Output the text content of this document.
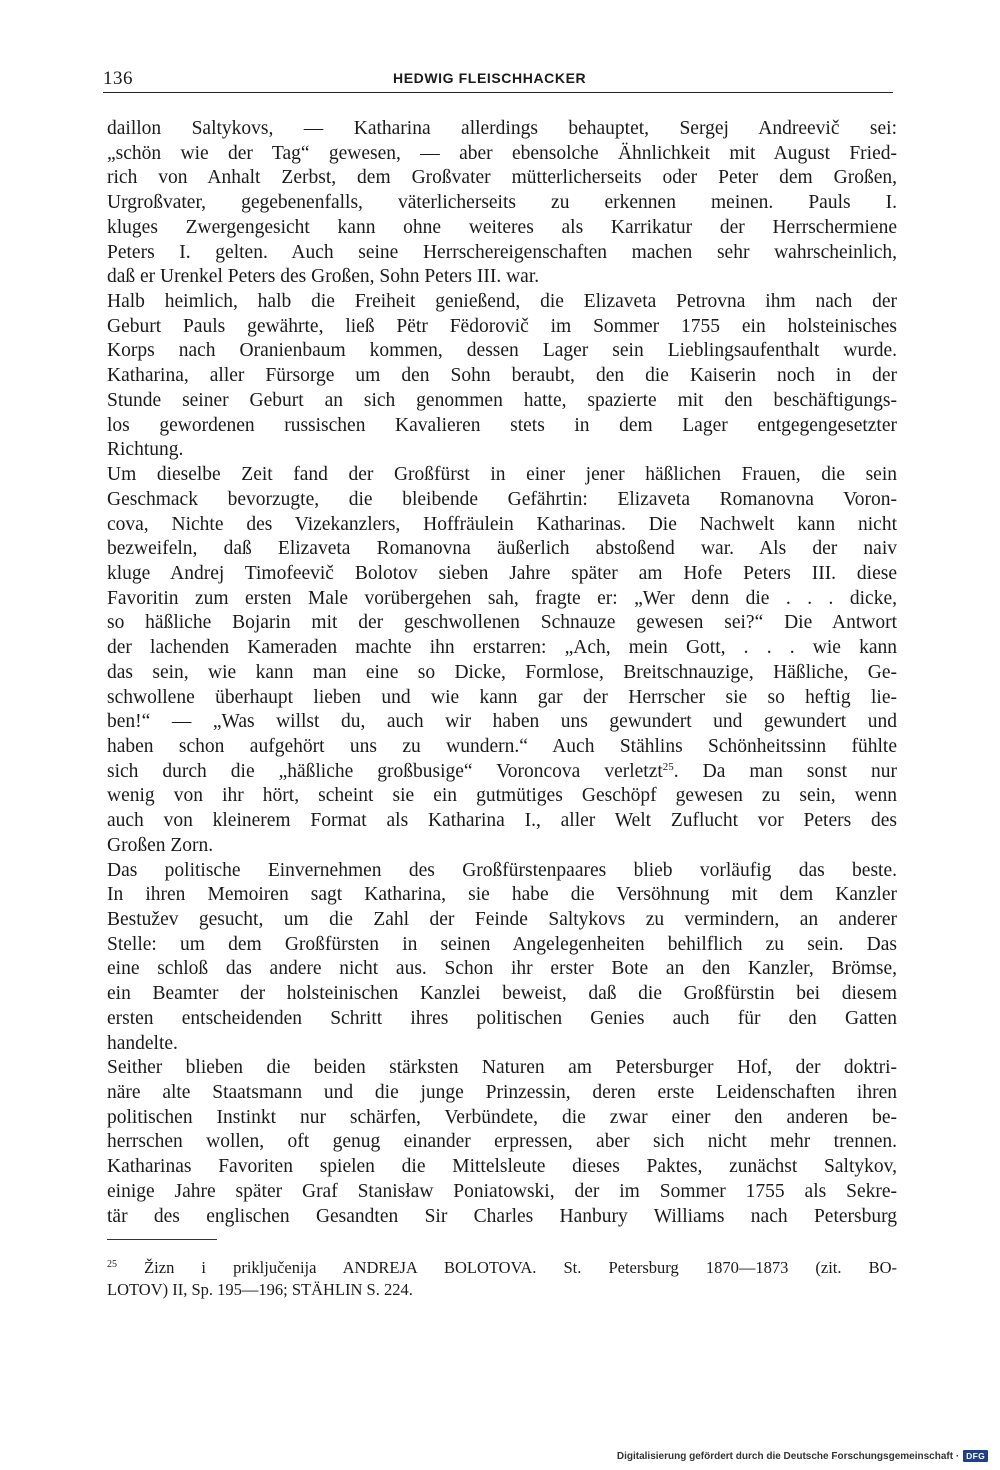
136	HEDWIG FLEISCHHACKER

daillon Saltykovs, — Katharina allerdings behauptet, Sergej Andreevič sei:
„schön wie der Tag“ gewesen, — aber ebensolche Ähnlichkeit mit August Fried-
rich von Anhalt Zerbst, dem Großvater mütterlicherseits oder Peter dem Großen,
Urgroßvater, gegebenenfalls, väterlicherseits zu erkennen meinen. Pauls I.
kluges Zwergengesicht kann ohne weiteres als Karrikatur der Herrschermiene
Peters I. gelten. Auch seine Herrschereigenschaften machen sehr wahrscheinlich,
daß er Urenkel Peters des Großen, Sohn Peters III. war.

Halb heimlich, halb die Freiheit genießend, die Elizaveta Petrovna ihm nach der
Geburt Pauls gewährte, ließ Pëtr Fëdorovič im Sommer 1755 ein holsteinisches
Korps nach Oranienbaum kommen, dessen Lager sein Lieblingsaufenthalt wurde.
Katharina, aller Fürsorge um den Sohn beraubt, den die Kaiserin noch in der
Stunde seiner Geburt an sich genommen hatte, spazierte mit den beschäftigungs-
los gewordenen russischen Kavalieren stets in dem Lager entgegengesetzter
Richtung.

Um dieselbe Zeit fand der Großfürst in einer jener häßlichen Frauen, die sein
Geschmack bevorzugte, die bleibende Gefährtin: Elizaveta Romanovna Voron-
cova, Nichte des Vizekanzlers, Hoffräulein Katharinas. Die Nachwelt kann nicht
bezweifeln, daß Elizaveta Romanovna äußerlich abstoßend war. Als der naiv
kluge Andrej Timofeevič Bolotov sieben Jahre später am Hofe Peters III. diese
Favoritin zum ersten Male vorübergehen sah, fragte er: „Wer denn die . . . dicke,
so häßliche Bojarin mit der geschwollenen Schnauze gewesen sei?“ Die Antwort
der lachenden Kameraden machte ihn erstarren: „Ach, mein Gott, . . . wie kann
das sein, wie kann man eine so Dicke, Formlose, Breitschnauzige, Häßliche, Ge-
schwollene überhaupt lieben und wie kann gar der Herrscher sie so heftig lie-
ben!“ — „Was willst du, auch wir haben uns gewundert und gewundert und
haben schon aufgehört uns zu wundern.“ Auch Stählins Schönheitssinn fühlte
sich durch die „häßliche großbusige“ Voroncova verletzt$^{25}$. Da man sonst nur
wenig von ihr hört, scheint sie ein gutmütiges Geschöpf gewesen zu sein, wenn
auch von kleinerem Format als Katharina I., aller Welt Zuflucht vor Peters des
Großen Zorn.

Das politische Einvernehmen des Großfürstenpaares blieb vorläufig das beste.
In ihren Memoiren sagt Katharina, sie habe die Versöhnung mit dem Kanzler
Bestužev gesucht, um die Zahl der Feinde Saltykovs zu vermindern, an anderer
Stelle: um dem Großfürsten in seinen Angelegenheiten behilflich zu sein. Das
eine schloß das andere nicht aus. Schon ihr erster Bote an den Kanzler, Brömse,
ein Beamter der holsteinischen Kanzlei beweist, daß die Großfürstin bei diesem
ersten entscheidenden Schritt ihres politischen Genies auch für den Gatten
handelte.

Seither blieben die beiden stärksten Naturen am Petersburger Hof, der doktri-
näre alte Staatsmann und die junge Prinzessin, deren erste Leidenschaften ihren
politischen Instinkt nur schärfen, Verbündete, die zwar einer den anderen be-
herrschen wollen, oft genug einander erpressen, aber sich nicht mehr trennen.
Katharinas Favoriten spielen die Mittelsleute dieses Paktes, zunächst Saltykov,
einige Jahre später Graf Stanisław Poniatowski, der im Sommer 1755 als Sekre-
tär des englischen Gesandten Sir Charles Hanbury Williams nach Petersburg

$^{25}$ Žizn i priključenija ANDREJA BOLOTOVA. St. Petersburg 1870—1873 (zit. BO-
LOTOV) II, Sp. 195—196; STÄHLIN S. 224.
Digitalisierung gefördert durch die Deutsche Forschungsgemeinschaft · DFG
